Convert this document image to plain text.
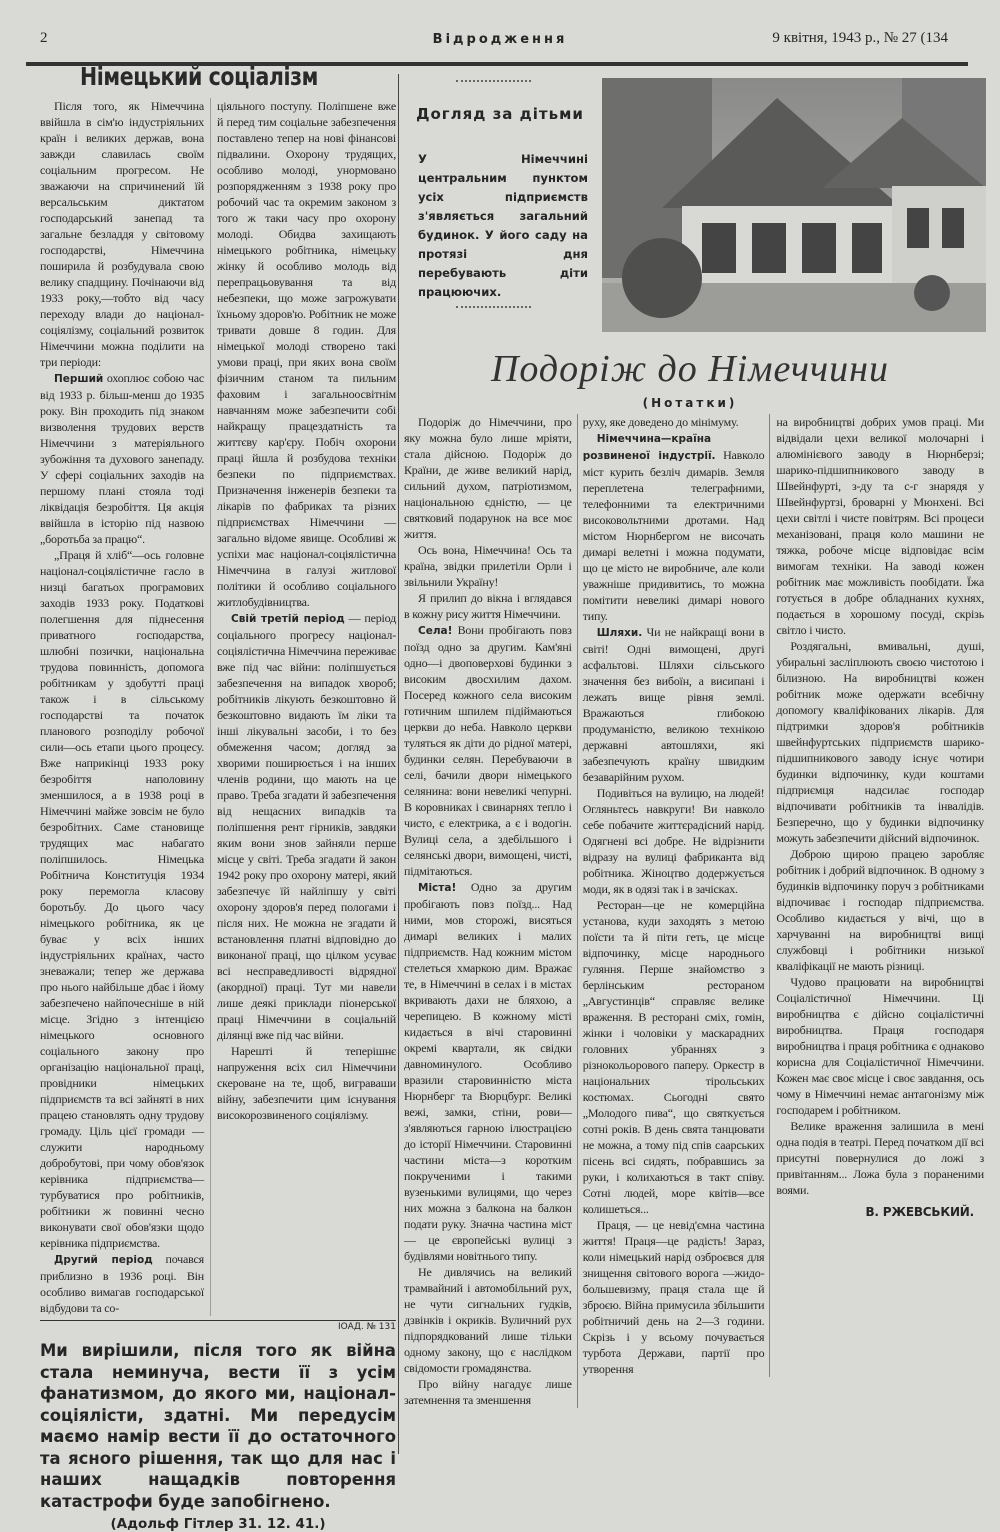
2	Відродження	9 квітня, 1943 р., № 27 (134
Німецький соціалізм

Після того, як Німеччина ввійшла в сім'ю індустріяльних країн і великих держав, вона завжди славилась своїм соціальним прогресом. Не зважаючи на спричинений їй версальським диктатом господарський занепад та загальне безладдя у світовому господарстві, Німеччина поширила й розбудувала свою велику спадщину. Почінаючи від 1933 року,—тобто від часу переходу влади до націонал-соціялізму, соціальний розвиток Німеччини можна поділити на три періоди:

Перший охоплює собою час від 1933 р. більш-менш до 1935 року. Він проходить під знаком визволення трудових верств Німеччини з матеріяльного зубожіння та духового занепаду. У сфері соціальних заходів на першому плані стояла тоді ліквідація безробіття. Ця акція ввійшла в історію під назвою „боротьба за працю“.

„Праця й хліб“—ось головне націонал-соціялістичне гасло в низці багатьох програмових заходів 1933 року. Податкові полегшення для піднесення приватного господарства, шлюбні позички, національна трудова повинність, допомога робітникам у здобутті праці також і в сільському господарстві та початок планового розподілу робочої сили—ось етапи цього процесу. Вже наприкінці 1933 року безробіття наполовину зменшилося, а в 1938 році в Німеччині майже зовсім не було безробітних. Саме становище трудящих мас набагато поліпшилось. Німецька Робітнича Конституція 1934 року перемогла класову боротьбу. До цього часу німецького робітника, як це буває у всіх інших індустріяльних країнах, часто зневажали; тепер же держава про нього найбільше дбає і йому забезпечено найпочесніше в ній місце. Згідно з інтенцією німецького основного соціального закону про організацію національної праці, провідники німецьких підприємств та всі зайняті в них працею становлять одну трудову громаду. Ціль цієї громади — служити народньому добробутові, при чому обов'язок керівника підприємства—турбуватися про робітників, робітники ж повинні чесно виконувати свої обов'язки щодо керівника підприємства.

Другий період почався приблизно в 1936 році. Він особливо вимагав господарської відбудови та со-

ціяльного поступу. Поліпшене вже й перед тим соціальне забезпечення поставлено тепер на нові фінансові підвалини. Охорону трудящих, особливо молоді, унормовано розпорядженням з 1938 року про робочий час та окремим законом з того ж таки часу про охорону молоді. Обидва захищають німецького робітника, німецьку жінку й особливо молодь від перепрацьовування та від небезпеки, що може загрожувати їхньому здоров'ю. Робітник не може тривати довше 8 годин. Для німецької молоді створено такі умови праці, при яких вона своїм фізичним станом та пильним фаховим і загальноосвітнім навчанням може забезпечити собі найкращу працездатність та життєву кар'єру. Побіч охорони праці йшла й розбудова техніки безпеки по підприємствах. Призначення інженерів безпеки та лікарів по фабриках та різних підприємствах Німеччини — загально відоме явище. Особливі ж успіхи має націонал-соціялістична Німеччина в галузі житлової політики й особливо соціального житлобудівництва.

Свій третій період — період соціального прогресу націонал-соціялістична Німеччина переживає вже під час війни: поліпшується забезпечення на випадок хвороб; робітників лікують безкоштовно й безкоштовно видають їм ліки та інші лікувальні засоби, і то без обмеження часом; догляд за хворими поширюється і на інших членів родини, що мають на це право. Треба згадати й забезпечення від нещасних випадків та поліпшення рент гірників, завдяки яким вони знов зайняли перше місце у світі. Треба згадати й закон 1942 року про охорону матері, який забезпечує їй найліпшу у світі охорону здоров'я перед пологами і після них. Не можна не згадати й встановлення платні відповідно до виконаної праці, що цілком усуває всі несправедливості відрядної (акордної) праці. Тут ми навели лише деякі приклади піонерської праці Німеччини в соціальній ділянці вже під час війни.

Нарешті й теперішнє напруження всіх сил Німеччини скероване на те, щоб, виграваши війну, забезпечити цим існування високорозвиненого соціялізму.

ІОАД. № 131
Ми вирішили, після того як війна стала неминуча, вести її з усім фанатизмом, до якого ми, націонал-соціялісти, здатні. Ми передусім маємо намір вести її до остаточного та ясного рішення, так що для нас і наших нащадків повторення катастрофи буде запобігнено.
(Адольф Гітлер 31. 12. 41.)
Догляд за дітьми
У Німеччині центральним пунктом усіх підприємств з'являється загальний будинок. У його саду на протязі дня перебувають діти працюючих.
Подоріж до Німеччини
(Нотатки)

Подоріж до Німеччини, про яку можна було лише мріяти, стала дійсною. Подоріж до Країни, де живе великий нарід, сильний духом, патріотизмом, національною єдністю, — це святковий подарунок на все моє життя.

Ось вона, Німеччина! Ось та країна, звідки прилетіли Орли і звільнили Україну!

Я прилип до вікна і вглядався в кожну рису життя Німеччини.

Села! Вони пробігають повз поїзд одно за другим. Кам'яні одно—і двоповерхові будинки з високим двосхилим дахом. Посеред кожного села високим готичним шпилем підіймаються церкви до неба. Навколо церкви туляться як діти до рідної матері, будинки селян. Перебуваючи в селі, бачили двори німецького селянина: вони невеликі чепурні. В коровниках і свинарнях тепло і чисто, є електрика, а є і водогін. Вулиці села, а здебільшого і селянські двори, вимощені, чисті, підмітаються.

Міста! Одно за другим пробігають повз поїзд... Над ними, мов сторожі, висяться димарі великих і малих підприємств. Над кожним містом стелеться хмаркою дим. Вражає те, в Німеччині в селах і в містах вкривають дахи не бляхою, а черепицею. В кожному місті кидається в вічі старовинні окремі квартали, як свідки давноминулого. Особливо вразили старовинністю міста Нюрнберг та Вюрцбург. Великі вежі, замки, стіни, рови—з'являються гарною ілюстрацією до історії Німеччини. Старовинні частини міста—з коротким покрученими і такими вузенькими вулицями, що через них можна з балкона на балкон подати руку. Значна частина міст — це європейські вулиці з будівлями новітнього типу.

Не дивлячись на великий трамвайний і автомобільний рух, не чути сигнальних гудків, дзвінків і окриків. Вуличний рух підпорядкований лише тільки одному закону, що є наслідком свідомости громадянства.

Про війну нагадує лише затемнення та зменшення

руху, яке доведено до мінімуму.

Німеччина—країна розвиненої індустрії. Навколо міст курить безліч димарів. Земля переплетена телеграфними, телефонними та електричними високовольтними дротами. Над містом Нюрнбергом не височать димарі велетні і можна подумати, що це місто не виробниче, але коли уважніше придивитись, то можна помітити невеликі димарі нового типу.

Шляхи. Чи не найкращі вони в світі! Одні вимощені, другі асфальтові. Шляхи сільського значення без вибоїн, а висипані і лежать вище рівня землі. Вражаються глибокою продуманістю, великою технікою державні автошляхи, які забезпечують країну швидким безаварійним рухом.

Подивіться на вулицю, на людей! Огляньтесь навкруги! Ви навколо себе побачите життєрадісний нарід. Одягнені всі добре. Не відрізнити відразу на вулиці фабриканта від робітника. Жіноцтво додержується моди, як в одязі так і в зачісках.

Ресторан—це не комерційна установа, куди заходять з метою поїсти та й піти геть, це місце відпочинку, місце народнього гуляння. Перше знайомство з берлінським рестораном „Августинців“ справляє велике враження. В ресторані сміх, гомін, жінки і чоловіки у маскарадних головних убраннях з різнокольорового паперу. Оркестр в національних тірольських костюмах. Сьогодні свято „Молодого пива“, що святкується сотні років. В день свята танцювати не можна, а тому під спів саарських пісень всі сидять, побравшись за руки, і колихаються в такт співу. Сотні людей, море квітів—все колишеться...

Праця, — це невід'ємна частина життя! Праця—це радість! Зараз, коли німецький нарід озброєвся для знищення світового ворога —жидо-большевизму, праця стала ще й зброєю. Війна примусила збільшити робітничий день на 2—3 години. Скрізь і у всьому почувається турбота Держави, партії про утворення

на виробництві добрих умов праці. Ми відвідали цехи великої молочарні і алюмінієвого заводу в Нюрнберзі; шарико-підшипникового заводу в Швейнфурті, з-ду та с-г знарядя у Швейнфуртзі, броварні у Мюнхені. Всі цехи світлі і чисте повітрям. Всі процеси механізовані, праця коло машини не тяжка, робоче місце відповідає всім вимогам техніки. На заводі кожен робітник має можливість пообідати. Їжа готується в добре обладнаних кухнях, подається в хорошому посуді, скрізь світло і чисто.

Роздягальні, вмивальні, душі, убиральні засліплюють своєю чистотою і білизною. На виробництві кожен робітник може одержати всебічну допомогу кваліфікованих лікарів. Для підтримки здоров'я робітників швейнфуртських підприємств шарико-підшипникового заводу існує чотири будинки відпочинку, куди коштами підприємця надсилає господар відпочивати робітників та інвалідів. Безперечно, що у будинки відпочинку можуть забезпечити дійсний відпочинок.

Доброю щирою працею заробляє робітник і добрий відпочинок. В одному з будинків відпочинку поруч з робітниками відпочиває і господар підприємства. Особливо кидається у вічі, що в харчуванні на виробництві вищі службовці і робітники низької кваліфікації не мають різниці.

Чудово працювати на виробництві Соціалістичної Німеччини. Ці виробництва є дійсно соціалістичні виробництва. Праця господаря виробництва і праця робітника є однаково корисна для Соціалістичної Німеччини. Кожен має своє місце і своє завдання, ось чому в Німеччині немає антагонізму між господарем і робітником.

Велике враження залишила в мені одна подія в театрі. Перед початком дії всі присутні повернулися до ложі з привітанням... Ложа була з пораненими воями.

В. РЖЕВСЬКИЙ.
